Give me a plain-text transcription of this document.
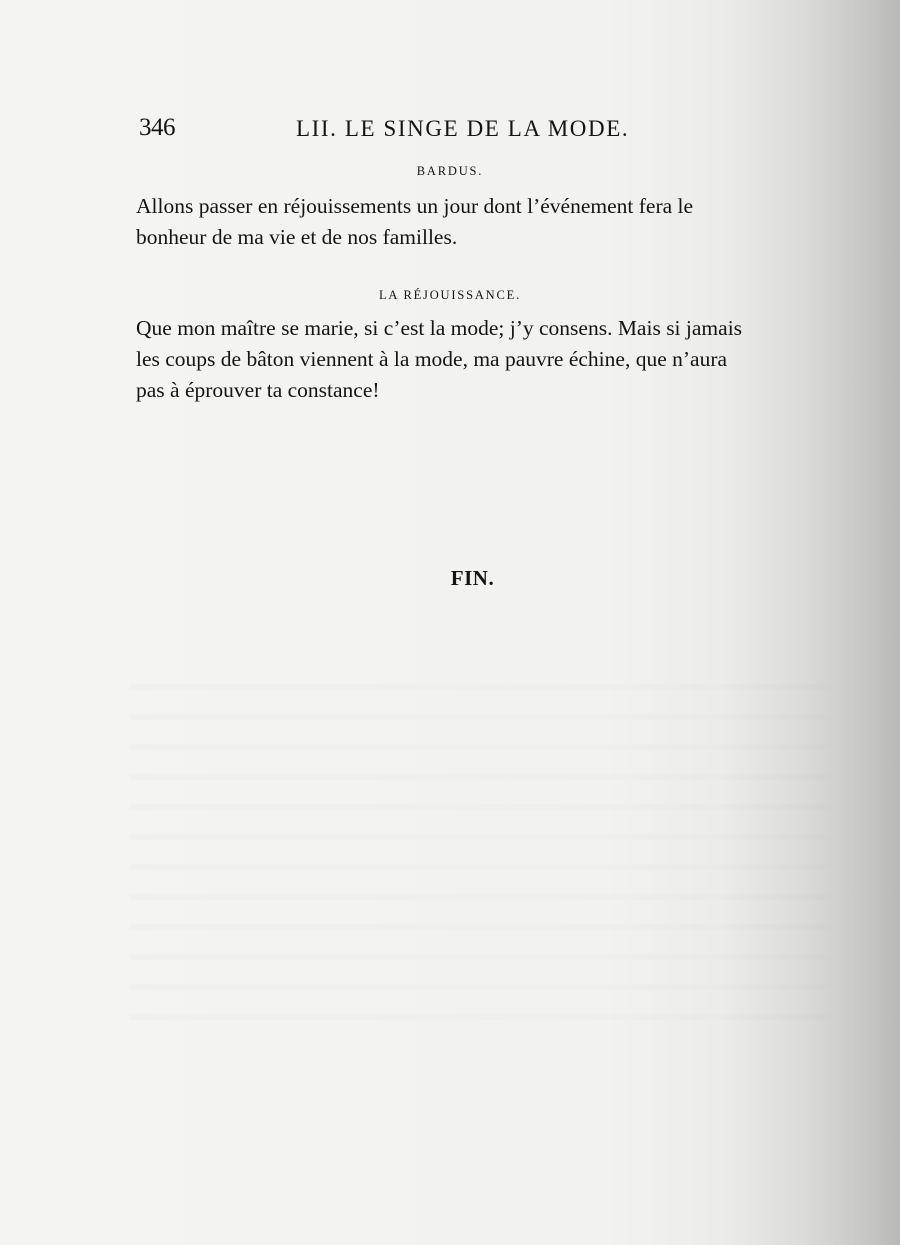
346	LII. LE SINGE DE LA MODE.
BARDUS.
Allons passer en réjouissements un jour dont l’événement fera le
bonheur de ma vie et de nos familles.
LA RÉJOUISSANCE.
Que mon maître se marie, si c’est la mode; j’y consens. Mais si jamais
les coups de bâton viennent à la mode, ma pauvre échine, que n’aura
pas à éprouver ta constance!
FIN.
